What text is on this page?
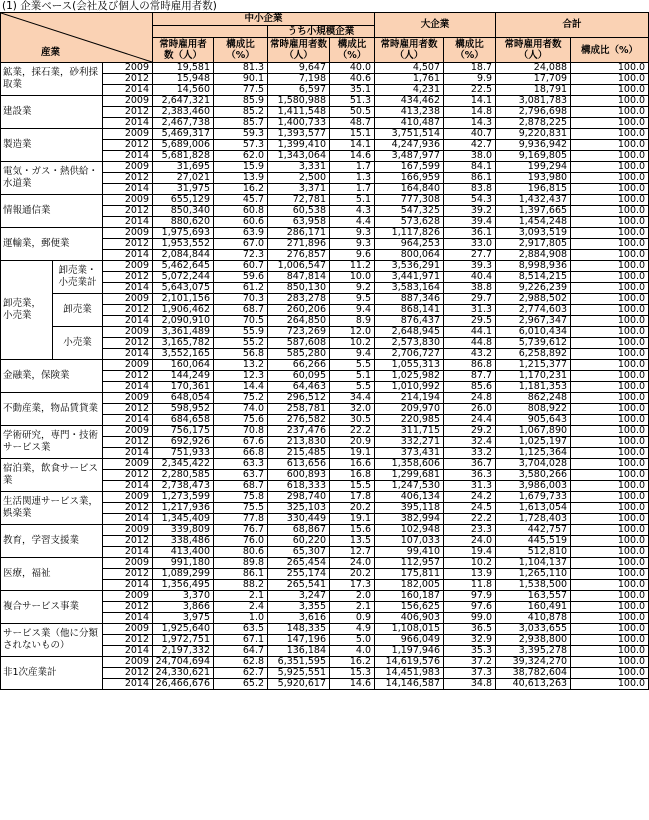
(1) 企業ベース(会社及び個人の常時雇用者数)
産業			中小企業				大企業		合計	
					うち小規模企業					
			常時雇用者数（人）	構成比（%）	常時雇用者数（人）	構成比（%）	常時雇用者数（人）	構成比（%）	常時雇用者数（人）	構成比（%）
鉱業，採石業，砂利採取業		2009	19,581	81.3	9,647	40.0	4,507	18.7	24,088	100.0
		2012	15,948	90.1	7,198	40.6	1,761	9.9	17,709	100.0
		2014	14,560	77.5	6,597	35.1	4,231	22.5	18,791	100.0
建設業		2009	2,647,321	85.9	1,580,988	51.3	434,462	14.1	3,081,783	100.0
		2012	2,383,460	85.2	1,411,548	50.5	413,238	14.8	2,796,698	100.0
		2014	2,467,738	85.7	1,400,733	48.7	410,487	14.3	2,878,225	100.0
製造業		2009	5,469,317	59.3	1,393,577	15.1	3,751,514	40.7	9,220,831	100.0
		2012	5,689,006	57.3	1,399,410	14.1	4,247,936	42.7	9,936,942	100.0
		2014	5,681,828	62.0	1,343,064	14.6	3,487,977	38.0	9,169,805	100.0
電気・ガス・熱供給・水道業		2009	31,695	15.9	3,331	1.7	167,599	84.1	199,294	100.0
		2012	27,021	13.9	2,500	1.3	166,959	86.1	193,980	100.0
		2014	31,975	16.2	3,371	1.7	164,840	83.8	196,815	100.0
情報通信業		2009	655,129	45.7	72,781	5.1	777,308	54.3	1,432,437	100.0
		2012	850,340	60.8	60,538	4.3	547,325	39.2	1,397,665	100.0
		2014	880,620	60.6	63,958	4.4	573,628	39.4	1,454,248	100.0
運輸業，郵便業		2009	1,975,693	63.9	286,171	9.3	1,117,826	36.1	3,093,519	100.0
		2012	1,953,552	67.0	271,896	9.3	964,253	33.0	2,917,805	100.0
		2014	2,084,844	72.3	276,857	9.6	800,064	27.7	2,884,908	100.0
卸売業，小売業	卸売業・小売業計	2009	5,462,645	60.7	1,006,547	11.2	3,536,291	39.3	8,998,936	100.0
		2012	5,072,244	59.6	847,814	10.0	3,441,971	40.4	8,514,215	100.0
		2014	5,643,075	61.2	850,130	9.2	3,583,164	38.8	9,226,239	100.0
	卸売業	2009	2,101,156	70.3	283,278	9.5	887,346	29.7	2,988,502	100.0
		2012	1,906,462	68.7	260,206	9.4	868,141	31.3	2,774,603	100.0
		2014	2,090,910	70.5	264,850	8.9	876,437	29.5	2,967,347	100.0
	小売業	2009	3,361,489	55.9	723,269	12.0	2,648,945	44.1	6,010,434	100.0
		2012	3,165,782	55.2	587,608	10.2	2,573,830	44.8	5,739,612	100.0
		2014	3,552,165	56.8	585,280	9.4	2,706,727	43.2	6,258,892	100.0
金融業，保険業		2009	160,064	13.2	66,266	5.5	1,055,313	86.8	1,215,377	100.0
		2012	144,249	12.3	60,095	5.1	1,025,982	87.7	1,170,231	100.0
		2014	170,361	14.4	64,463	5.5	1,010,992	85.6	1,181,353	100.0
不動産業，物品賃貸業		2009	648,054	75.2	296,512	34.4	214,194	24.8	862,248	100.0
		2012	598,952	74.0	258,781	32.0	209,970	26.0	808,922	100.0
		2014	684,658	75.6	276,582	30.5	220,985	24.4	905,643	100.0
学術研究，専門・技術サービス業		2009	756,175	70.8	237,476	22.2	311,715	29.2	1,067,890	100.0
		2012	692,926	67.6	213,830	20.9	332,271	32.4	1,025,197	100.0
		2014	751,933	66.8	215,485	19.1	373,431	33.2	1,125,364	100.0
宿泊業，飲食サービス業		2009	2,345,422	63.3	613,656	16.6	1,358,606	36.7	3,704,028	100.0
		2012	2,280,585	63.7	600,893	16.8	1,299,681	36.3	3,580,266	100.0
		2014	2,738,473	68.7	618,333	15.5	1,247,530	31.3	3,986,003	100.0
生活関連サービス業，娯楽業		2009	1,273,599	75.8	298,740	17.8	406,134	24.2	1,679,733	100.0
		2012	1,217,936	75.5	325,103	20.2	395,118	24.5	1,613,054	100.0
		2014	1,345,409	77.8	330,449	19.1	382,994	22.2	1,728,403	100.0
教育，学習支援業		2009	339,809	76.7	68,867	15.6	102,948	23.3	442,757	100.0
		2012	338,486	76.0	60,220	13.5	107,033	24.0	445,519	100.0
		2014	413,400	80.6	65,307	12.7	99,410	19.4	512,810	100.0
医療，福祉		2009	991,180	89.8	265,454	24.0	112,957	10.2	1,104,137	100.0
		2012	1,089,299	86.1	255,174	20.2	175,811	13.9	1,265,110	100.0
		2014	1,356,495	88.2	265,541	17.3	182,005	11.8	1,538,500	100.0
複合サービス事業		2009	3,370	2.1	3,247	2.0	160,187	97.9	163,557	100.0
		2012	3,866	2.4	3,355	2.1	156,625	97.6	160,491	100.0
		2014	3,975	1.0	3,616	0.9	406,903	99.0	410,878	100.0
サービス業（他に分類されないもの）		2009	1,925,640	63.5	148,335	4.9	1,108,015	36.5	3,033,655	100.0
		2012	1,972,751	67.1	147,196	5.0	966,049	32.9	2,938,800	100.0
		2014	2,197,332	64.7	136,184	4.0	1,197,946	35.3	3,395,278	100.0
非1次産業計		2009	24,704,694	62.8	6,351,595	16.2	14,619,576	37.2	39,324,270	100.0
		2012	24,330,621	62.7	5,925,551	15.3	14,451,983	37.3	38,782,604	100.0
		2014	26,466,676	65.2	5,920,617	14.6	14,146,587	34.8	40,613,263	100.0
